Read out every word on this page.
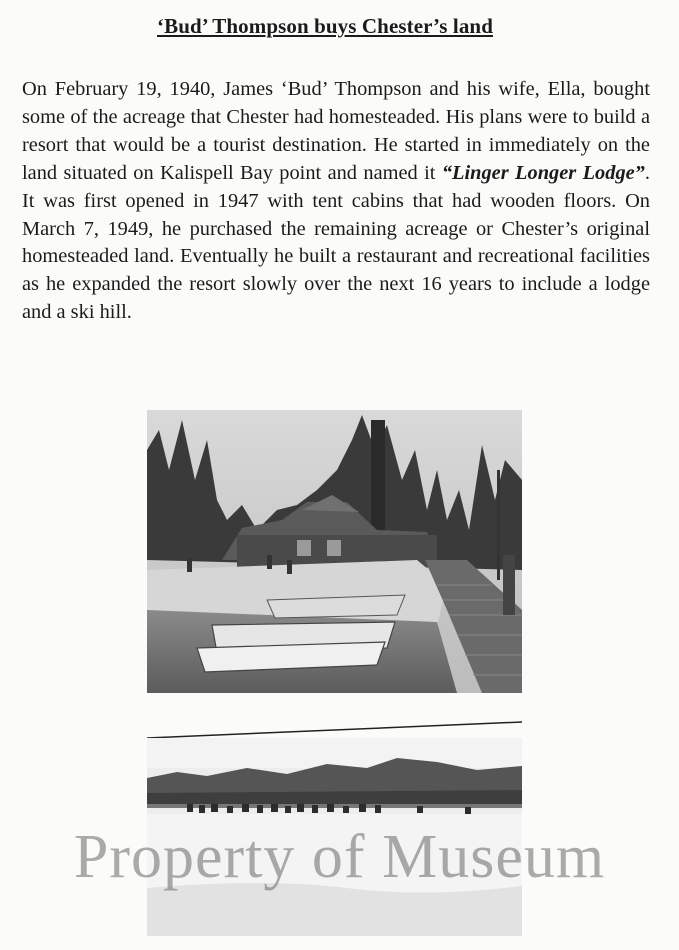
‘Bud’ Thompson buys Chester’s land
On February 19, 1940, James ‘Bud’ Thompson and his wife, Ella, bought some of the acreage that Chester had homesteaded. His plans were to build a resort that would be a tourist destination. He started in immediately on the land situated on Kalispell Bay point and named it “Linger Longer Lodge”. It was first opened in 1947 with tent cabins that had wooden floors. On March 7, 1949, he purchased the remaining acreage or Chester’s original homesteaded land. Eventually he built a restaurant and recreational facilities as he expanded the resort slowly over the next 16 years to include a lodge and a ski hill.
Property of Museum
